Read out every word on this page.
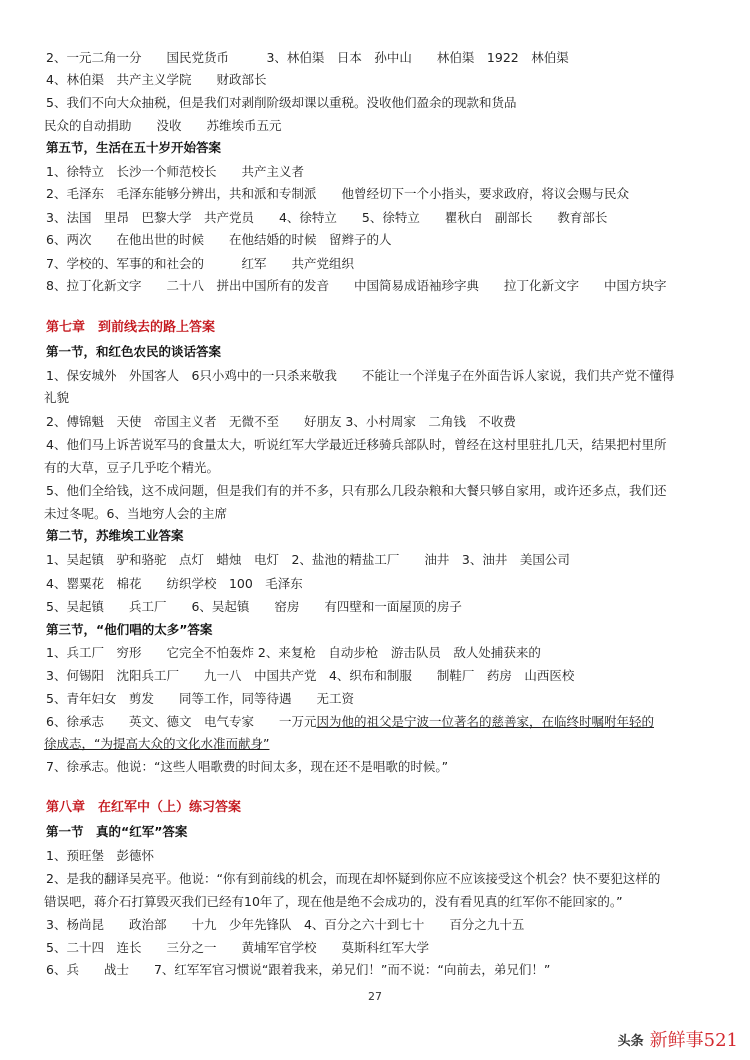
2、一元二角一分　　国民党货币　　　3、林伯渠　日本　孙中山　　林伯渠　1922　林伯渠
4、林伯渠　共产主义学院　　财政部长
5、我们不向大众抽税，但是我们对剥削阶级却课以重税。没收他们盈余的现款和货品
民众的自动捐助　　没收　　苏维埃币五元
第五节，生活在五十岁开始答案
1、徐特立　长沙一个师范校长　　共产主义者
2、毛泽东　毛泽东能够分辨出，共和派和专制派　　他曾经切下一个小指头，要求政府，将议会赐与民众
3、法国　里昂　巴黎大学　共产党员　　4、徐特立　　5、徐特立　　瞿秋白　副部长　　教育部长
6、两次　　在他出世的时候　　在他结婚的时候　留辫子的人
7、学校的、军事的和社会的　　　红军　　共产党组织
8、拉丁化新文字　　二十八　拼出中国所有的发音　　中国简易成语袖珍字典　　拉丁化新文字　　中国方块字
第七章　到前线去的路上答案
第一节，和红色农民的谈话答案
1、保安城外　外国客人　6只小鸡中的一只杀来敬我　　不能让一个洋鬼子在外面告诉人家说，我们共产党不懂得
礼貌
2、傅锦魁　天使　帝国主义者　无微不至　　好朋友 3、小村周家　二角钱　不收费
4、他们马上诉苦说军马的食量太大，听说红军大学最近迁移骑兵部队时，曾经在这村里驻扎几天，结果把村里所
有的大草，豆子几乎吃个精光。
5、他们全给钱，这不成问题，但是我们有的并不多，只有那么几段杂粮和大餐只够自家用，或许还多点，我们还
未过冬呢。6、当地穷人会的主席
第二节，苏维埃工业答案
1、吴起镇　驴和骆驼　点灯　蜡烛　电灯　2、盐池的精盐工厂　　油井　3、油井　美国公司
4、罂粟花　棉花　　纺织学校　100　毛泽东
5、吴起镇　　兵工厂　　6、吴起镇　　窑房　　有四壁和一面屋顶的房子
第三节，“他们唱的太多”答案
1、兵工厂　穷形　　它完全不怕轰炸 2、来复枪　自动步枪　游击队员　敌人处捕获来的
3、何锡阳　沈阳兵工厂　　九一八　中国共产党　4、织布和制服　　制鞋厂　药房　山西医校
5、青年妇女　剪发　　同等工作，同等待遇　　无工资
6、徐承志　　英文、德文　电气专家　　一万元因为他的祖父是宁波一位著名的慈善家，在临终时嘱咐年轻的
徐成志，“为提高大众的文化水准而献身”
7、徐承志。他说：“这些人唱歌费的时间太多，现在还不是唱歌的时候。”
第八章　在红军中（上）练习答案
第一节　真的“红军”答案
1、预旺堡　彭德怀
2、是我的翻译吴亮平。他说：“你有到前线的机会，而现在却怀疑到你应不应该接受这个机会？快不要犯这样的
错误吧，蒋介石打算毁灭我们已经有10年了，现在他是绝不会成功的，没有看见真的红军你不能回家的。”
3、杨尚昆　　政治部　　十九　少年先锋队　4、百分之六十到七十　　百分之九十五
5、二十四　连长　　三分之一　　黄埔军官学校　　莫斯科红军大学
6、兵　　战士　　7、红军军官习惯说“跟着我来，弟兄们！”而不说：“向前去，弟兄们！”
27
头条 新鲜事521
